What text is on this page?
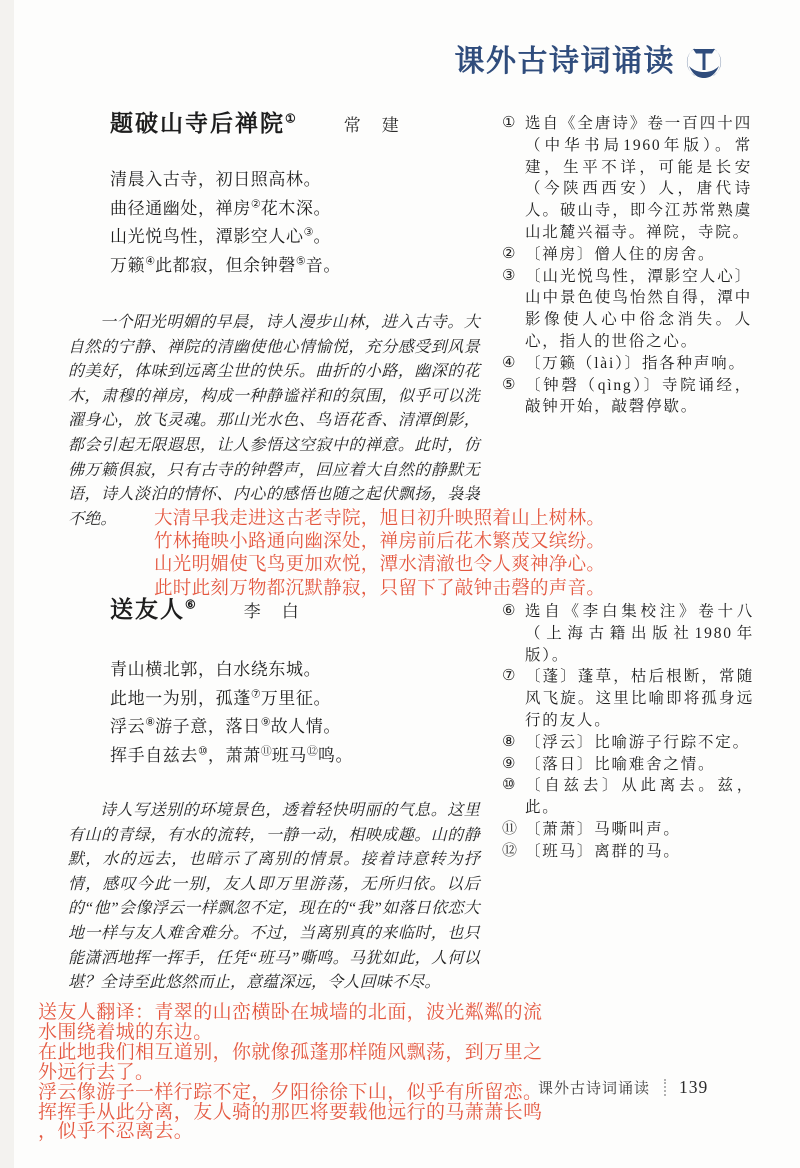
课外古诗词诵读
题破山寺后禅院①	常　建
清晨入古寺，初日照高林。
曲径通幽处，禅房②花木深。
山光悦鸟性，潭影空人心③。
万籁④此都寂，但余钟磬⑤音。

一个阳光明媚的早晨，诗人漫步山林，进入古寺。大自然的宁静、禅院的清幽使他心情愉悦，充分感受到风景的美好，体味到远离尘世的快乐。曲折的小路，幽深的花木，肃穆的禅房，构成一种静谧祥和的氛围，似乎可以洗濯身心，放飞灵魂。那山光水色、鸟语花香、清潭倒影，都会引起无限遐思，让人参悟这空寂中的禅意。此时，仿佛万籁俱寂，只有古寺的钟磬声，回应着大自然的静默无语，诗人淡泊的情怀、内心的感悟也随之起伏飘扬，袅袅不绝。	大清早我走进这古老寺院，旭日初升映照着山上树林。
竹林掩映小路通向幽深处，禅房前后花木繁茂又缤纷。
山光明媚使飞鸟更加欢悦，潭水清澈也令人爽神净心。
此时此刻万物都沉默静寂，只留下了敲钟击磬的声音。
送友人⑥	李　白
青山横北郭，白水绕东城。
此地一为别，孤蓬⑦万里征。
浮云⑧游子意，落日⑨故人情。
挥手自兹去⑩，萧萧⑪班马⑫鸣。

诗人写送别的环境景色，透着轻快明丽的气息。这里有山的青绿，有水的流转，一静一动，相映成趣。山的静默，水的远去，也暗示了离别的情景。接着诗意转为抒情，感叹今此一别，友人即万里游荡，无所归依。以后的“他”会像浮云一样飘忽不定，现在的“我”如落日依恋大地一样与友人难舍难分。不过，当离别真的来临时，也只能潇洒地挥一挥手，任凭“班马”嘶鸣。马犹如此，人何以堪？全诗至此悠然而止，意蕴深远，令人回味不尽。

送友人翻译：青翠的山峦横卧在城墙的北面，波光粼粼的流
水围绕着城的东边。
在此地我们相互道别，你就像孤蓬那样随风飘荡，到万里之
外远行去了。
浮云像游子一样行踪不定，夕阳徐徐下山，似乎有所留恋。
挥挥手从此分离，友人骑的那匹将要载他远行的马萧萧长鸣
，似乎不忍离去。
① 选自《全唐诗》卷一百四十四（中华书局1960年版）。常建，生平不详，可能是长安（今陕西西安）人，唐代诗人。破山寺，即今江苏常熟虞山北麓兴福寺。禅院，寺院。
② 〔禅房〕僧人住的房舍。
③ 〔山光悦鸟性，潭影空人心〕山中景色使鸟怡然自得，潭中影像使人心中俗念消失。人心，指人的世俗之心。
④ 〔万籁（lài）〕指各种声响。
⑤ 〔钟磬（qìng）〕寺院诵经，敲钟开始，敲磬停歇。
⑥ 选自《李白集校注》卷十八（上海古籍出版社1980年版）。
⑦ 〔蓬〕蓬草，枯后根断，常随风飞旋。这里比喻即将孤身远行的友人。
⑧ 〔浮云〕比喻游子行踪不定。
⑨ 〔落日〕比喻难舍之情。
⑩ 〔自兹去〕从此离去。兹，此。
⑪ 〔萧萧〕马嘶叫声。
⑫ 〔班马〕离群的马。
课外古诗词诵读 139
